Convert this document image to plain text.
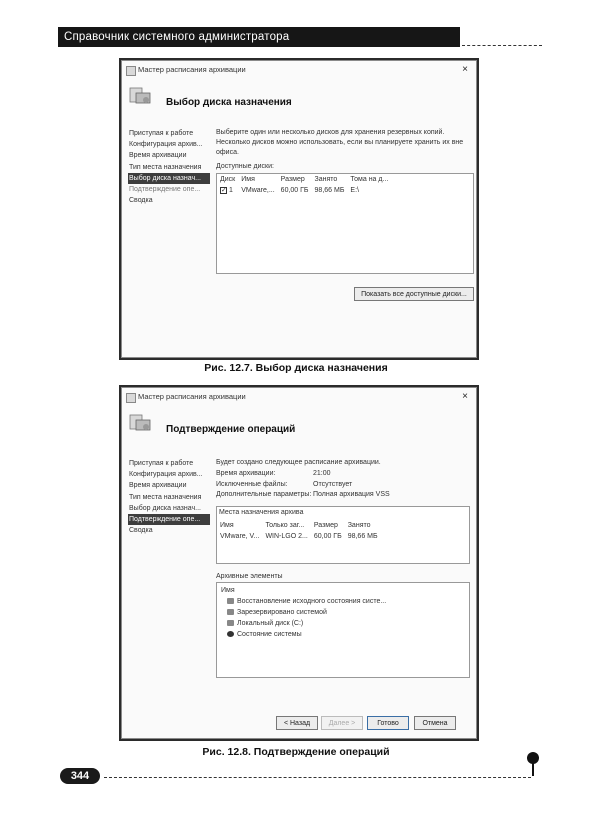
Справочник системного администратора
Мастер расписания архивации	×
Выбор диска назначения
Приступая к работе
Конфигурация архив...
Время архивации
Тип места назначения
Выбор диска назнач...
Подтверждение опе...
Сводка

Выберите один или несколько дисков для хранения резервных копий. Несколько дисков можно использовать, если вы планируете хранить их вне офиса.

Доступные диски:

Диск	Имя	Размер	Занято	Тома на д...
✓ 1	VMware,...	60,00 ГБ	98,66 МБ	E:\
Показать все доступные диски...
Рис. 12.7. Выбор диска назначения
Мастер расписания архивации	×
Подтверждение операций
Приступая к работе
Конфигурация архив...
Время архивации
Тип места назначения
Выбор диска назнач...
Подтверждение опе...
Сводка

Будет создано следующее расписание архивации.

Время архивации:	21:00
Исключенные файлы:	Отсутствует
Дополнительные параметры: Полная архивация VSS
Места назначения архива
Имя	Только заг...	Размер	Занято
VMware, V...	WIN-LGO 2...	60,00 ГБ	98,66 МБ
Архивные элементы
Имя
Восстановление исходного состояния систе...
Зарезервировано системой
Локальный диск (C:)
Состояние системы
< Назад	Далее >	Готово	Отмена
Рис. 12.8. Подтверждение операций
344
